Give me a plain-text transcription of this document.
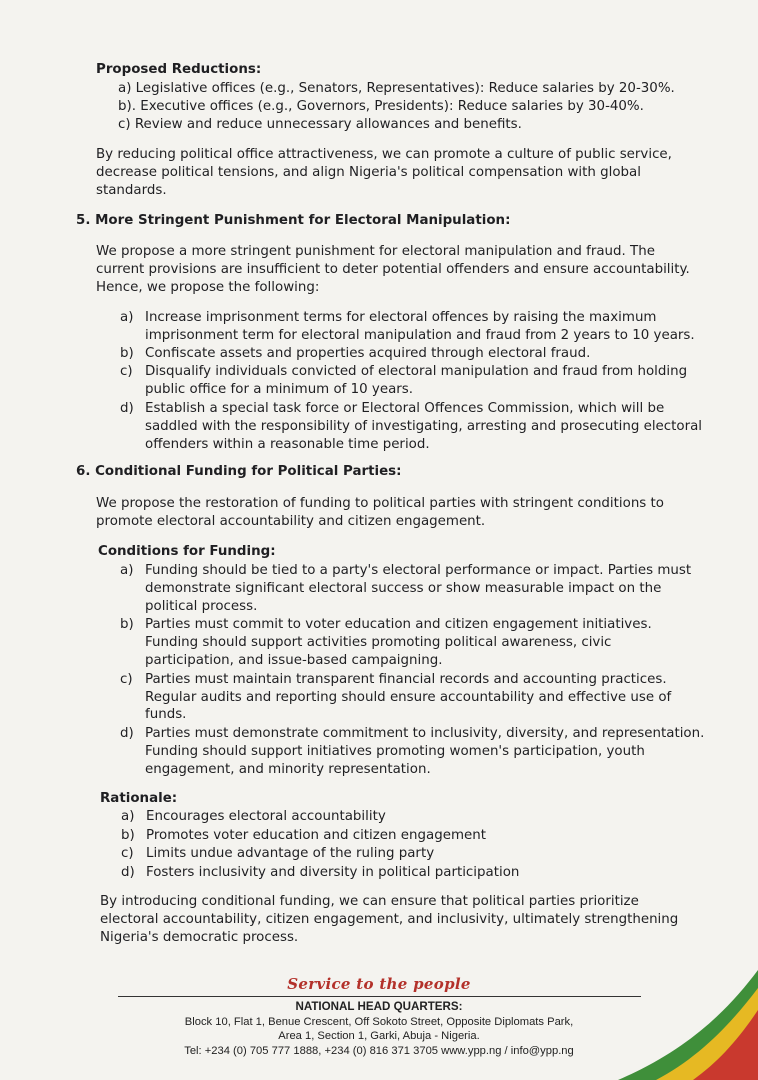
Proposed Reductions:
a) Legislative offices (e.g., Senators, Representatives): Reduce salaries by 20-30%.
b). Executive offices (e.g., Governors, Presidents): Reduce salaries by 30-40%.
c) Review and reduce unnecessary allowances and benefits.
By reducing political office attractiveness, we can promote a culture of public service,
decrease political tensions, and align Nigeria's political compensation with global
standards.
5. More Stringent Punishment for Electoral Manipulation:
We propose a more stringent punishment for electoral manipulation and fraud. The
current provisions are insufficient to deter potential offenders and ensure accountability.
Hence, we propose the following:
a) Increase imprisonment terms for electoral offences by raising the maximum
imprisonment term for electoral manipulation and fraud from 2 years to 10 years.
b) Confiscate assets and properties acquired through electoral fraud.
c) Disqualify individuals convicted of electoral manipulation and fraud from holding
public office for a minimum of 10 years.
d) Establish a special task force or Electoral Offences Commission, which will be
saddled with the responsibility of investigating, arresting and prosecuting electoral
offenders within a reasonable time period.
6. Conditional Funding for Political Parties:
We propose the restoration of funding to political parties with stringent conditions to
promote electoral accountability and citizen engagement.
Conditions for Funding:
a) Funding should be tied to a party's electoral performance or impact. Parties must
demonstrate significant electoral success or show measurable impact on the
political process.
b) Parties must commit to voter education and citizen engagement initiatives.
Funding should support activities promoting political awareness, civic
participation, and issue-based campaigning.
c) Parties must maintain transparent financial records and accounting practices.
Regular audits and reporting should ensure accountability and effective use of
funds.
d) Parties must demonstrate commitment to inclusivity, diversity, and representation.
Funding should support initiatives promoting women's participation, youth
engagement, and minority representation.
Rationale:
a) Encourages electoral accountability
b) Promotes voter education and citizen engagement
c) Limits undue advantage of the ruling party
d) Fosters inclusivity and diversity in political participation
By introducing conditional funding, we can ensure that political parties prioritize
electoral accountability, citizen engagement, and inclusivity, ultimately strengthening
Nigeria's democratic process.
Service to the people
NATIONAL HEAD QUARTERS:
Block 10, Flat 1, Benue Crescent, Off Sokoto Street, Opposite Diplomats Park,
Area 1, Section 1, Garki, Abuja - Nigeria.
Tel: +234 (0) 705 777 1888, +234 (0) 816 371 3705 www.ypp.ng / info@ypp.ng
